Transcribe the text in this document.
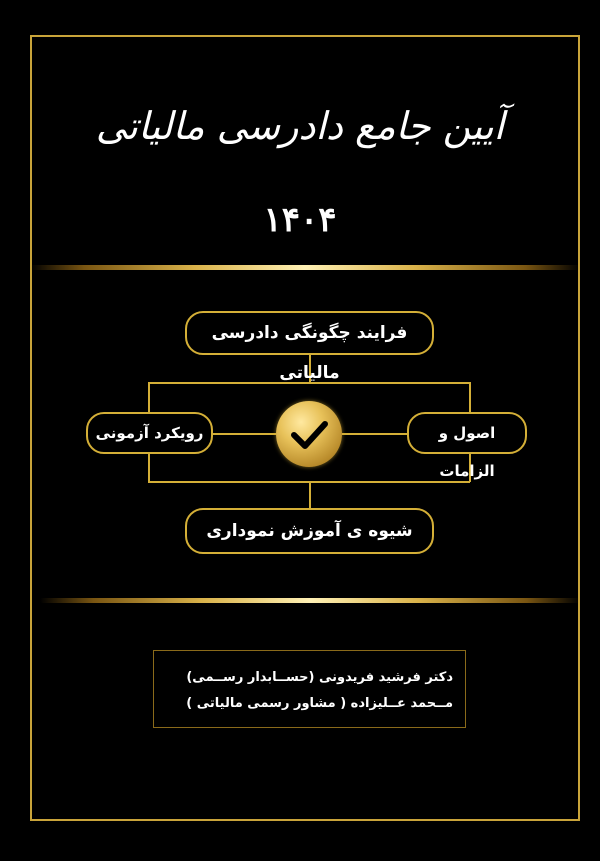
آیین جامع دادرسی مالیاتی
۱۴۰۴
فرایند چگونگی دادرسی مالیاتی
رویکرد آزمونی	اصول و الزامات
شیوه ی آموزش نموداری
دکتر فرشید فریدونی (حســابدار رســمی)
مــحمد عــلیزاده ( مشاور رسمی مالیاتی )
